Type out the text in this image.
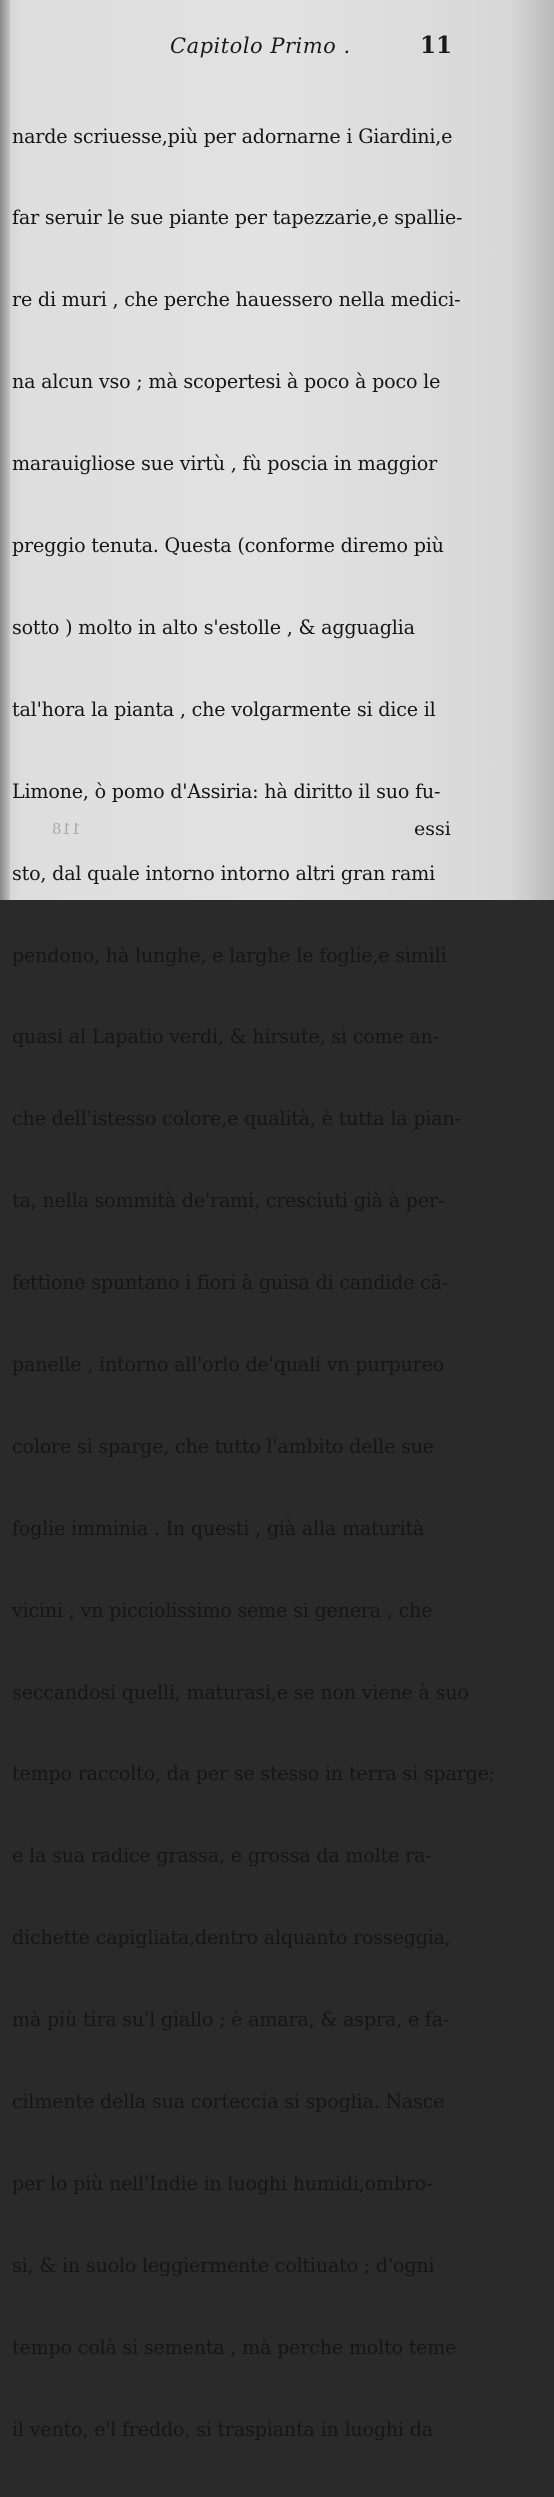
Capitolo Primo .	11

narde scriuesse,più per adornarne i Giardini,e

far seruir le sue piante per tapezzarie,e spallie-

re di muri , che perche hauessero nella medici-

na alcun vso ; mà scopertesi à poco à poco le

marauigliose sue virtù , fù poscia in maggior

preggio tenuta. Questa (conforme diremo più

sotto ) molto in alto s'estolle , & agguaglia

tal'hora la pianta , che volgarmente si dice il

Limone, ò pomo d'Assiria: hà diritto il suo fu-

sto, dal quale intorno intorno altri gran rami

pendono, hà lunghe, e larghe le foglie,e simili

quasi al Lapatio verdi, & hirsute, si come an-

che dell'istesso colore,e qualità, è tutta la pian-

ta, nella sommità de'rami, cresciuti già à per-

fettione spuntano i fiori à guisa di candide cã-

panelle , intorno all'orlo de'quali vn purpureo

colore si sparge, che tutto l'ambito delle sue

foglie imminia . In questi , già alla maturità

vicini , vn picciolissimo seme si genera , che

seccandosi quelli, maturasi,e se non viene à suo

tempo raccolto, da per se stesso in terra si sparge;

e la sua radice grassa, e grossa da molte ra-

dichette capigliata,dentro alquanto rosseggia,

mà più tira su'l giallo ; è amara, & aspra, e fa-

cilmente della sua corteccia si spoglia. Nasce

per lo più nell'Indie in luoghi humidi,ombro-

si, & in suolo leggiermente coltiuato ; d'ogni

tempo colà si sementa , mà perche molto teme

il vento, e'l freddo, si traspianta in luoghi da

118	essi
